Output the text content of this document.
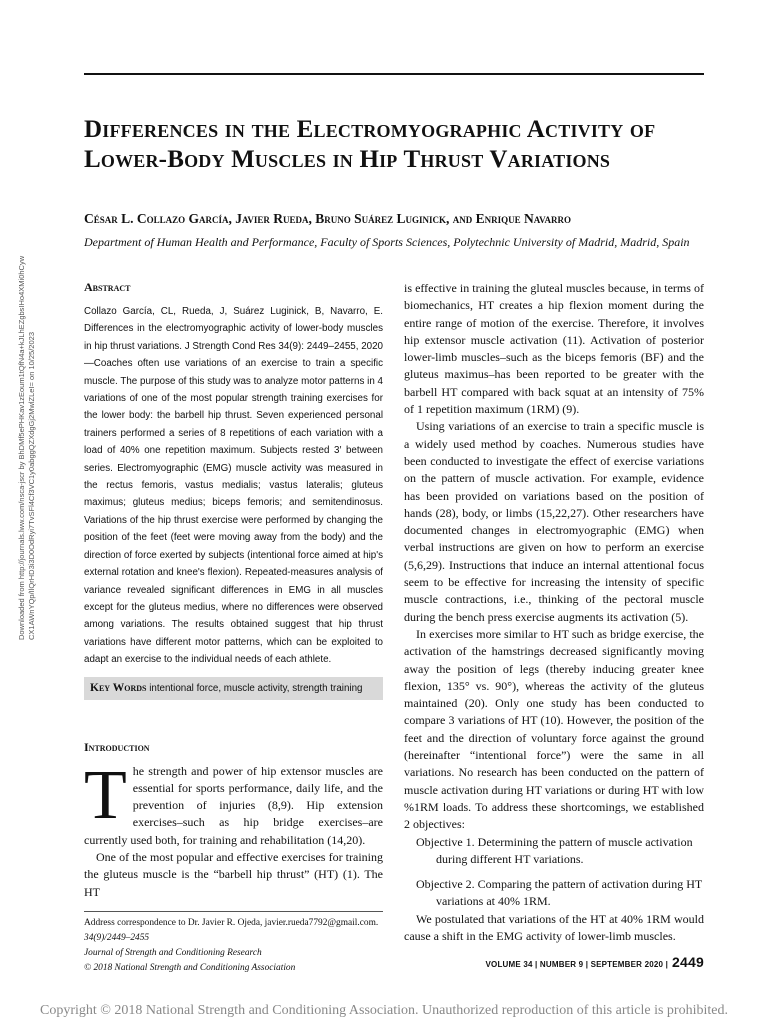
Differences in the Electromyographic Activity of Lower-Body Muscles in Hip Thrust Variations
César L. Collazo García, Javier Rueda, Bruno Suárez Luginick, and Enrique Navarro
Department of Human Health and Performance, Faculty of Sports Sciences, Polytechnic University of Madrid, Madrid, Spain
Downloaded from http://journals.lww.com/nsca-jscr by BhDMf5ePHKav1zEoum1tQfN4a+kJLhEZgbsIHo4XMi0hCyw CX1AWnYQp/IlQrHD3i3D0OdRyi7TvSFl4Cf3VC1y0abggQZXdgGj2MwlZLeI= on 10/25/2023
Abstract

Collazo García, CL, Rueda, J, Suárez Luginick, B, Navarro, E. Differences in the electromyographic activity of lower-body muscles in hip thrust variations. J Strength Cond Res 34(9): 2449–2455, 2020—Coaches often use variations of an exercise to train a specific muscle. The purpose of this study was to analyze motor patterns in 4 variations of one of the most popular strength training exercises for the lower body: the barbell hip thrust. Seven experienced personal trainers performed a series of 8 repetitions of each variation with a load of 40% one repetition maximum. Subjects rested 3′ between series. Electromyographic (EMG) muscle activity was measured in the rectus femoris, vastus medialis; vastus lateralis; gluteus maximus; gluteus medius; biceps femoris; and semitendinosus. Variations of the hip thrust exercise were performed by changing the position of the feet (feet were moving away from the body) and the direction of force exerted by subjects (intentional force aimed at hip's external rotation and knee's flexion). Repeated-measures analysis of variance revealed significant differences in EMG in all muscles except for the gluteus medius, where no differences were observed among variations. The results obtained suggest that hip thrust variations have different motor patterns, which can be exploited to adapt an exercise to the individual needs of each athlete.

Key Words intentional force, muscle activity, strength training
Introduction

The strength and power of hip extensor muscles are essential for sports performance, daily life, and the prevention of injuries (8,9). Hip extension exercises–such as hip bridge exercises–are currently used both, for training and rehabilitation (14,20).

One of the most popular and effective exercises for training the gluteus muscle is the “barbell hip thrust” (HT) (1). The HT

Address correspondence to Dr. Javier R. Ojeda, javier.rueda7792@gmail.com.
34(9)/2449–2455
Journal of Strength and Conditioning Research
© 2018 National Strength and Conditioning Association

is effective in training the gluteal muscles because, in terms of biomechanics, HT creates a hip flexion moment during the entire range of motion of the exercise. Therefore, it involves hip extensor muscle activation (11). Activation of posterior lower-limb muscles–such as the biceps femoris (BF) and the gluteus maximus–has been reported to be greater with the barbell HT compared with back squat at an intensity of 75% of 1 repetition maximum (1RM) (9).

Using variations of an exercise to train a specific muscle is a widely used method by coaches. Numerous studies have been conducted to investigate the effect of exercise variations on the pattern of muscle activation. For example, evidence has been provided on variations based on the position of hands (28), body, or limbs (15,22,27). Other researchers have documented changes in electromyographic (EMG) when verbal instructions are given on how to perform an exercise (5,6,29). Instructions that induce an internal attentional focus seem to be effective for increasing the intensity of specific muscle contractions, i.e., thinking of the pectoral muscle during the bench press exercise augments its activation (5).

In exercises more similar to HT such as bridge exercise, the activation of the hamstrings decreased significantly moving away the position of legs (thereby inducing greater knee flexion, 135° vs. 90°), whereas the activity of the gluteus maintained (20). Only one study has been conducted to compare 3 variations of HT (10). However, the position of the feet and the direction of voluntary force against the ground (hereinafter “intentional force”) were the same in all variations. No research has been conducted on the pattern of muscle activation during HT variations or during HT with low %1RM loads. To address these shortcomings, we established 2 objectives:

Objective 1. Determining the pattern of muscle activation during different HT variations.

Objective 2. Comparing the pattern of activation during HT variations at 40% 1RM.

We postulated that variations of the HT at 40% 1RM would cause a shift in the EMG activity of lower-limb muscles.

VOLUME 34 | NUMBER 9 | SEPTEMBER 2020 | 2449
Copyright © 2018 National Strength and Conditioning Association. Unauthorized reproduction of this article is prohibited.
